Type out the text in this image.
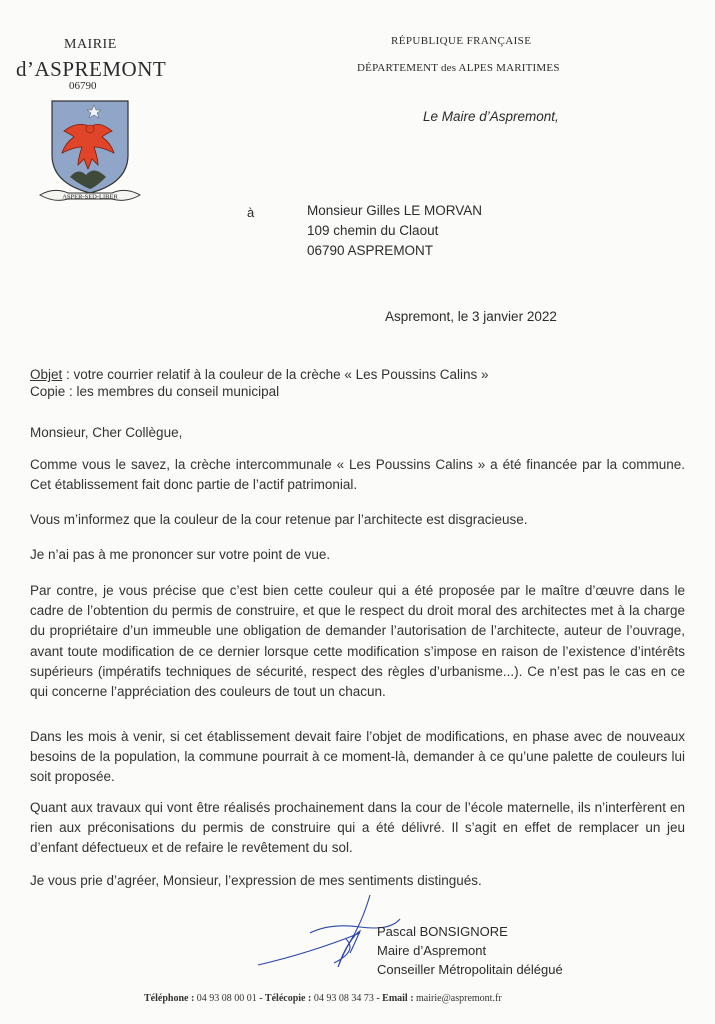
MAIRIE
d’ASPREMONT
06790
ASPER-SED-LIBER
RÉPUBLIQUE FRANÇAISE
DÉPARTEMENT des ALPES MARITIMES
Le Maire d’Aspremont,
à	Monsieur Gilles LE MORVAN
109 chemin du Claout
06790 ASPREMONT
Aspremont, le 3 janvier 2022
Objet : votre courrier relatif à la couleur de la crèche « Les Poussins Calins »
Copie : les membres du conseil municipal
Monsieur, Cher Collègue,
Comme vous le savez, la crèche intercommunale « Les Poussins Calins » a été financée par la commune. Cet établissement fait donc partie de l’actif patrimonial.
Vous m’informez que la couleur de la cour retenue par l’architecte est disgracieuse.
Je n’ai pas à me prononcer sur votre point de vue.
Par contre, je vous précise que c’est bien cette couleur qui a été proposée par le maître d’œuvre dans le cadre de l’obtention du permis de construire, et que le respect du droit moral des architectes met à la charge du propriétaire d’un immeuble une obligation de demander l’autorisation de l’architecte, auteur de l’ouvrage, avant toute modification de ce dernier lorsque cette modification s’impose en raison de l’existence d’intérêts supérieurs (impératifs techniques de sécurité, respect des règles d’urbanisme...). Ce n’est pas le cas en ce qui concerne l’appréciation des couleurs de tout un chacun.
Dans les mois à venir, si cet établissement devait faire l’objet de modifications, en phase avec de nouveaux besoins de la population, la commune pourrait à ce moment-là, demander à ce qu’une palette de couleurs lui soit proposée.
Quant aux travaux qui vont être réalisés prochainement dans la cour de l’école maternelle, ils n’interfèrent en rien aux préconisations du permis de construire qui a été délivré. Il s’agit en effet de remplacer un jeu d’enfant défectueux et de refaire le revêtement du sol.
Je vous prie d’agréer, Monsieur, l’expression de mes sentiments distingués.
Pascal BONSIGNORE
Maire d’Aspremont
Conseiller Métropolitain délégué
Téléphone : 04 93 08 00 01 - Télécopie : 04 93 08 34 73 - Email : mairie@aspremont.fr
